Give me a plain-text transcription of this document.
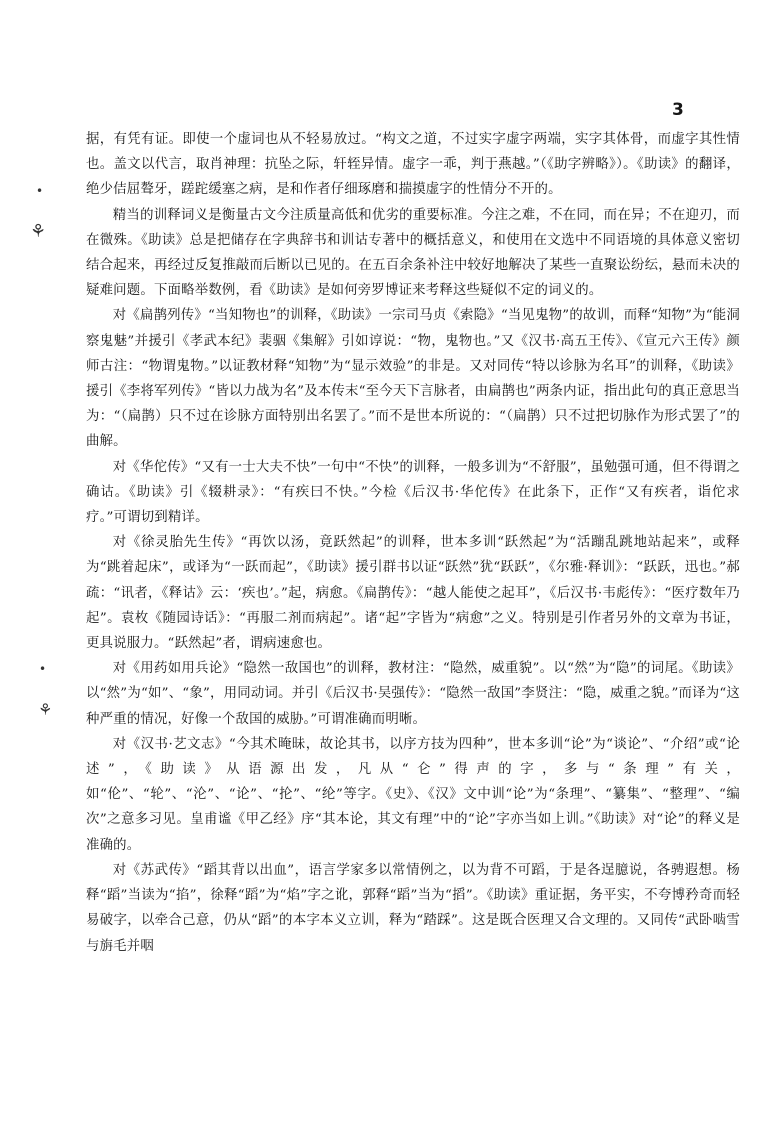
3
•
⚘
•
⚘

据，有凭有证。即使一个虚词也从不轻易放过。“构文之道，不过实字虚字两端，实字其体骨，而虚字其性情也。盖文以代言，取肖神理：抗坠之际，轩轾异情。虚字一乖，判于燕越。”（《助字辨略》）。《助读》的翻译，绝少佶屈聱牙，蹉跎缓塞之病，是和作者仔细琢磨和揣摸虚字的性情分不开的。

精当的训释词义是衡量古文今注质量高低和优劣的重要标准。今注之难，不在同，而在异；不在迎刃，而在微殊。《助读》总是把储存在字典辞书和训诂专著中的概括意义，和使用在文选中不同语境的具体意义密切结合起来，再经过反复推敲而后断以已见的。在五百余条补注中较好地解决了某些一直聚讼纷纭，悬而未决的疑难问题。下面略举数例，看《助读》是如何旁罗博证来考释这些疑似不定的词义的。

对《扁鹊列传》“当知物也”的训释，《助读》一宗司马贞《索隐》“当见鬼物”的故训，而释“知物”为“能洞察鬼魅”并援引《孝武本纪》裴骃《集解》引如谆说：“物，鬼物也。”又《汉书·高五王传》、《宣元六王传》颜师古注：“物谓鬼物。”以证教材释“知物”为“显示效验”的非是。又对同传“特以诊脉为名耳”的训释，《助读》援引《李将军列传》“皆以力战为名”及本传末“至今天下言脉者，由扁鹊也”两条内证，指出此句的真正意思当为：“（扁鹊）只不过在诊脉方面特别出名罢了。”而不是世本所说的：“（扁鹊）只不过把切脉作为形式罢了”的曲解。

对《华佗传》“又有一士大夫不快”一句中“不快”的训释，一般多训为“不舒服”，虽勉强可通，但不得谓之确诂。《助读》引《辍耕录》：“有疾曰不快。”今检《后汉书·华佗传》在此条下，正作“又有疾者，诣佗求疗。”可谓切到精详。

对《徐灵胎先生传》“再饮以汤，竟跃然起”的训释，世本多训“跃然起”为“活蹦乱跳地站起来”，或释为“跳着起床”，或译为“一跃而起”，《助读》援引群书以证“跃然”犹“跃跃”，《尔雅·释训》：“跃跃，迅也。”郝疏：“讯者，《释诂》云：‘疾也’。”起，病愈。《扁鹊传》：“越人能使之起耳”，《后汉书·韦彪传》：“医疗数年乃起”。袁枚《随园诗话》：“再服二剂而病起”。诸“起”字皆为“病愈”之义。特别是引作者另外的文章为书证，更具说服力。“跃然起”者，谓病速愈也。

对《用药如用兵论》“隐然一敌国也”的训释，教材注：“隐然，威重貌”。以“然”为“隐”的词尾。《助读》以“然”为“如”、“象”，用同动词。并引《后汉书·吴强传》：“隐然一敌国”李贤注：“隐，威重之貌。”而译为“这种严重的情况，好像一个敌国的威胁。”可谓准确而明晰。

对《汉书·艺文志》“今其术晻昧，故论其书，以序方技为四种”，世本多训“论”为“谈论”、“介绍”或“论述”，《助读》从语源出发，凡从“仑”得声的字，多与“条理”有关，如“伦”、“轮”、“沦”、“论”、“抡”、“纶”等字。《史》、《汉》文中训“论”为“条理”、“纂集”、“整理”、“编次”之意多习见。皇甫谧《甲乙经》序“其本论，其文有理”中的“论”字亦当如上训。”《助读》对“论”的释义是准确的。

对《苏武传》“蹈其背以出血”，语言学家多以常情例之，以为背不可蹈，于是各逞臆说，各骋遐想。杨释“蹈”当读为“掐”，徐释“蹈”为“焰”字之讹，郭释“蹈”当为“搯”。《助读》重证据，务平实，不夸博矜奇而轻易破字，以牵合己意，仍从“蹈”的本字本义立训，释为“踏踩”。这是既合医理又合文理的。又同传“武卧啮雪与旃毛并咽
